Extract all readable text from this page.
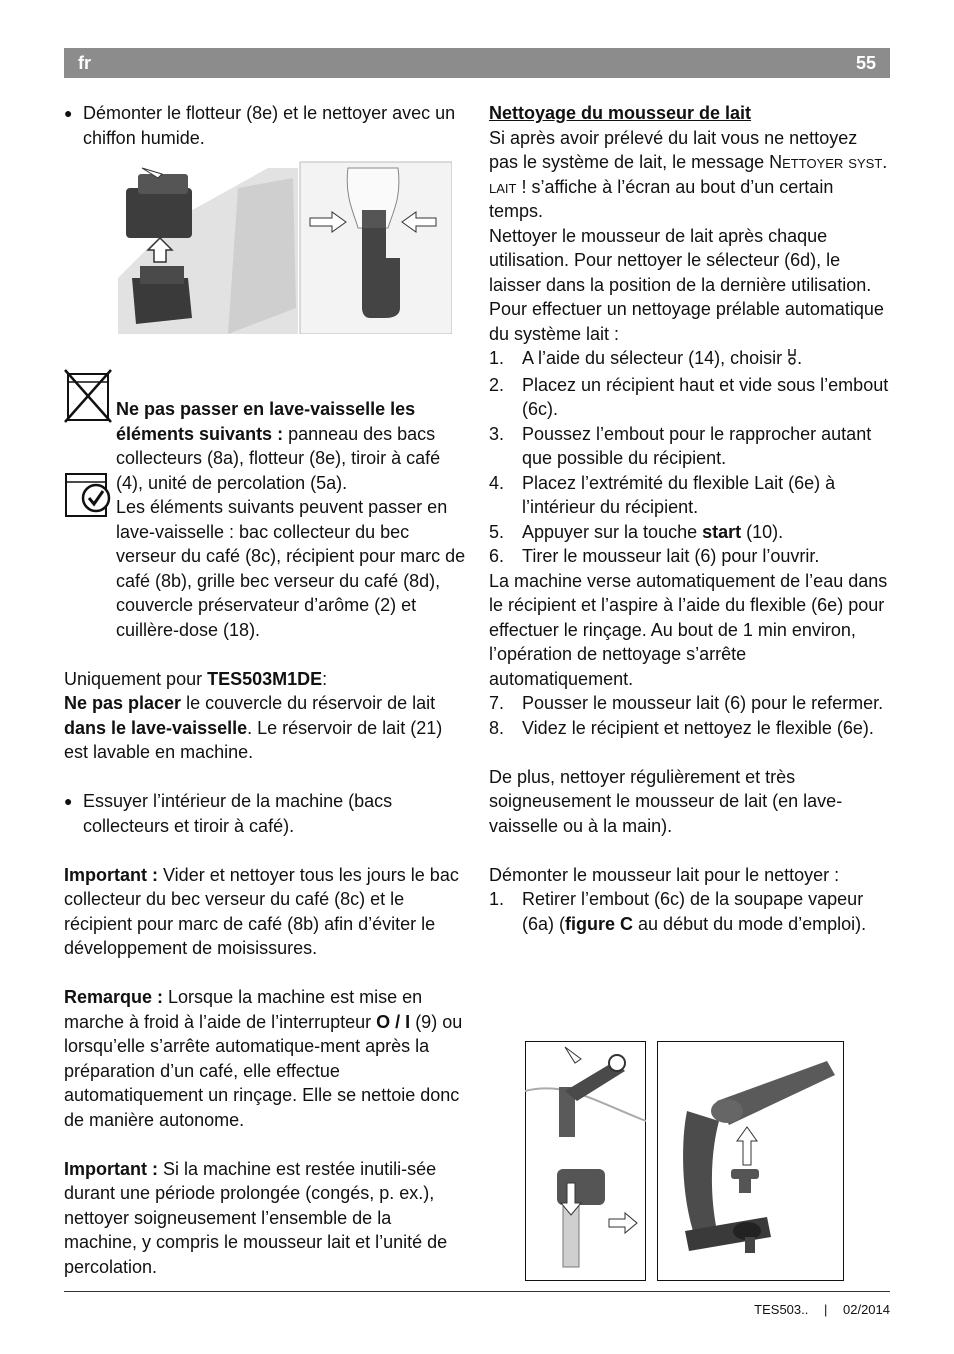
fr	55

● Démonter le flotteur (8e) et le nettoyer avec un chiffon humide.

Ne pas passer en lave-vaisselle les éléments suivants : panneau des bacs collecteurs (8a), flotteur (8e), tiroir à café (4), unité de percolation (5a).

Les éléments suivants peuvent passer en lave-vaisselle : bac collecteur du bec verseur du café (8c), récipient pour marc de café (8b), grille bec verseur du café (8d), couvercle préservateur d’arôme (2) et cuillère-dose (18).

Uniquement pour TES503M1DE:

Ne pas placer le couvercle du réservoir de lait dans le lave-vaisselle. Le réservoir de lait (21) est lavable en machine.

● Essuyer l’intérieur de la machine (bacs collecteurs et tiroir à café).

Important : Vider et nettoyer tous les jours le bac collecteur du bec verseur du café (8c) et le récipient pour marc de café (8b) afin d’éviter le développement de moisissures.

Remarque : Lorsque la machine est mise en marche à froid à l’aide de l’interrupteur O / I (9) ou lorsqu’elle s’arrête automatique-ment après la préparation d’un café, elle effectue automatiquement un rinçage. Elle se nettoie donc de manière autonome.

Important : Si la machine est restée inutili-sée durant une période prolongée (congés, p. ex.), nettoyer soigneusement l’ensemble de la machine, y compris le mousseur lait et l’unité de percolation.

Nettoyage du mousseur de lait

Si après avoir prélevé du lait vous ne nettoyez pas le système de lait, le message Nettoyer syst. lait ! s’affiche à l’écran au bout d’un certain temps.

Nettoyer le mousseur de lait après chaque utilisation. Pour nettoyer le sélecteur (6d), le laisser dans la position de la dernière utilisation.

Pour effectuer un nettoyage prélable automatique du système lait :

1. A l’aide du sélecteur (14), choisir .

2. Placez un récipient haut et vide sous l’embout (6c).

3. Poussez l’embout pour le rapprocher autant que possible du récipient.

4. Placez l’extrémité du flexible Lait (6e) à l’intérieur du récipient.

5. Appuyer sur la touche start (10).

6. Tirer le mousseur lait (6) pour l’ouvrir.

La machine verse automatiquement de l’eau dans le récipient et l’aspire à l’aide du flexible (6e) pour effectuer le rinçage. Au bout de 1 min environ, l’opération de nettoyage s’arrête automatiquement.

7. Pousser le mousseur lait (6) pour le refermer.

8. Videz le récipient et nettoyez le flexible (6e).

De plus, nettoyer régulièrement et très soigneusement le mousseur de lait (en lave-vaisselle ou à la main).

Démonter le mousseur lait pour le nettoyer :

1. Retirer l’embout (6c) de la soupape vapeur (6a) (figure C au début du mode d’emploi).

TES503.. | 02/2014
